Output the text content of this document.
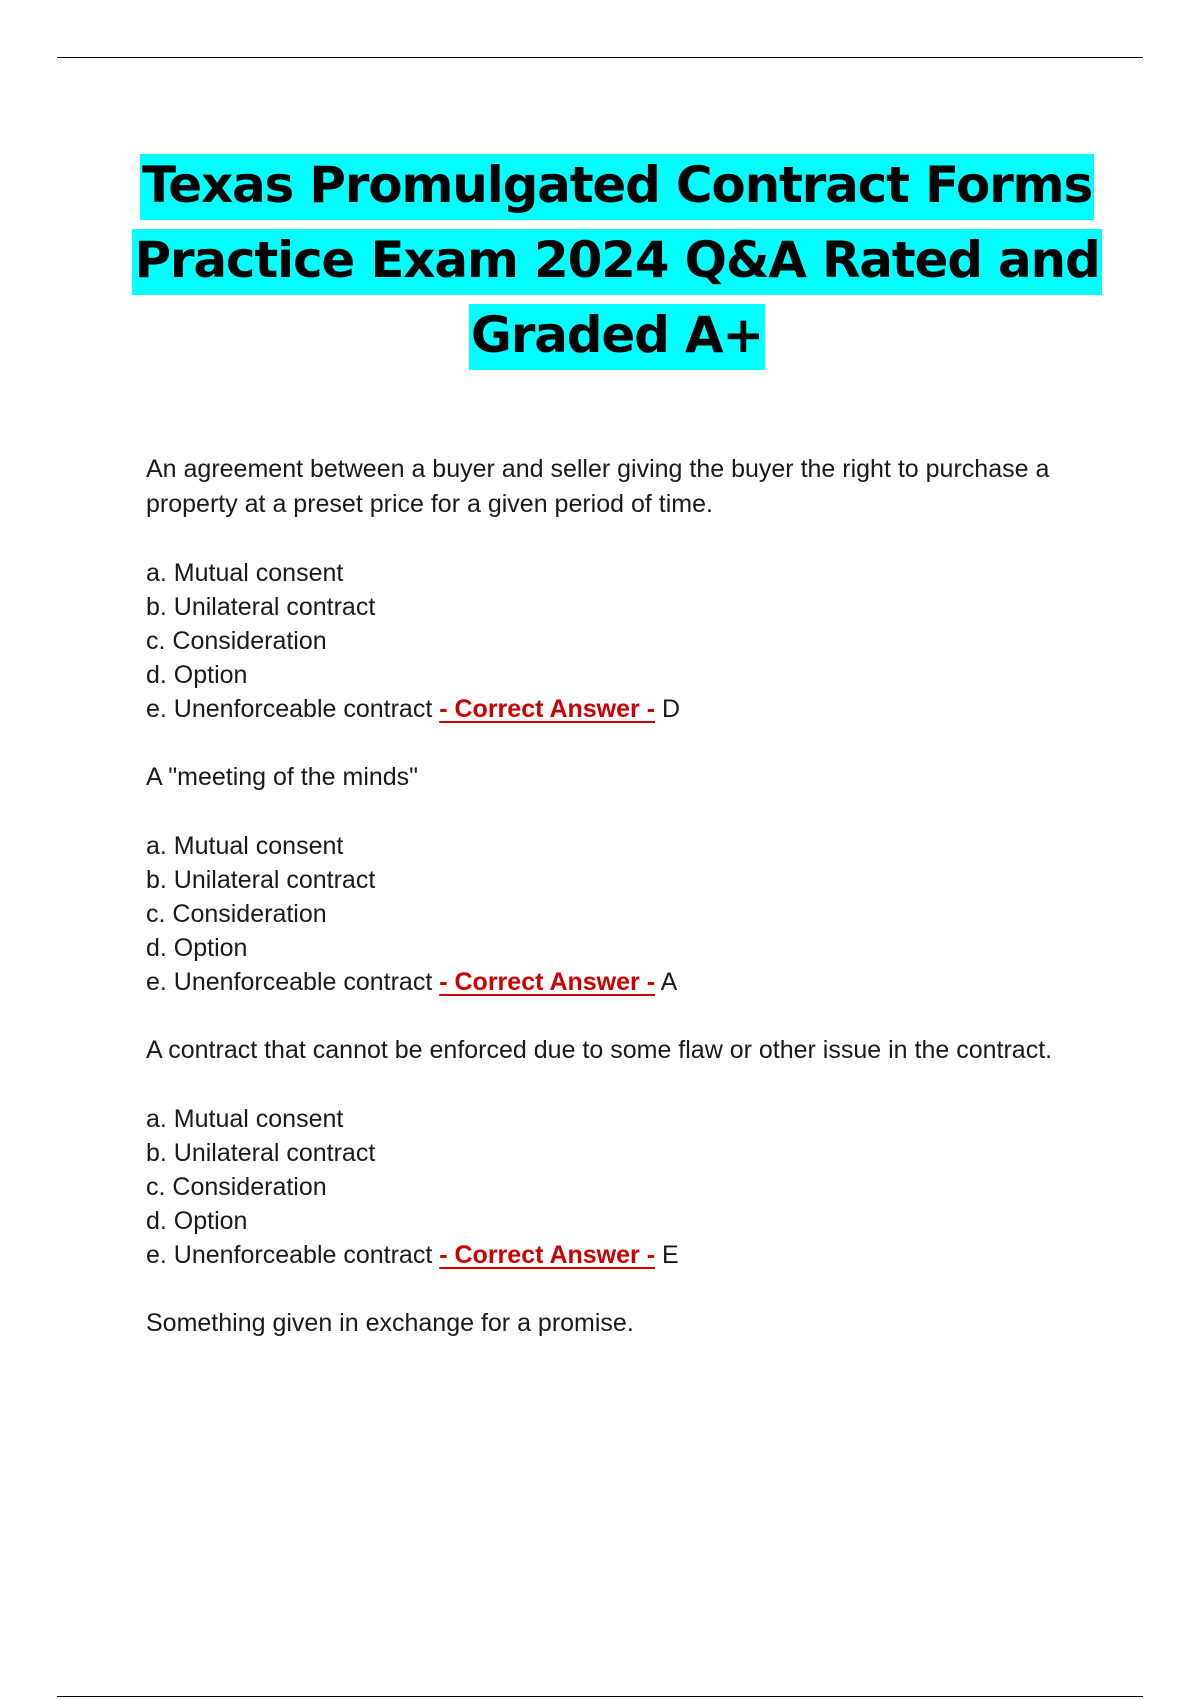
Texas Promulgated Contract Forms
Practice Exam 2024 Q&A Rated and
Graded A+
An agreement between a buyer and seller giving the buyer the right to purchase a property at a preset price for a given period of time.
a. Mutual consent
b. Unilateral contract
c. Consideration
d. Option
e. Unenforceable contract - Correct Answer - D
A "meeting of the minds"
a. Mutual consent
b. Unilateral contract
c. Consideration
d. Option
e. Unenforceable contract - Correct Answer - A
A contract that cannot be enforced due to some flaw or other issue in the contract.
a. Mutual consent
b. Unilateral contract
c. Consideration
d. Option
e. Unenforceable contract - Correct Answer - E
Something given in exchange for a promise.
